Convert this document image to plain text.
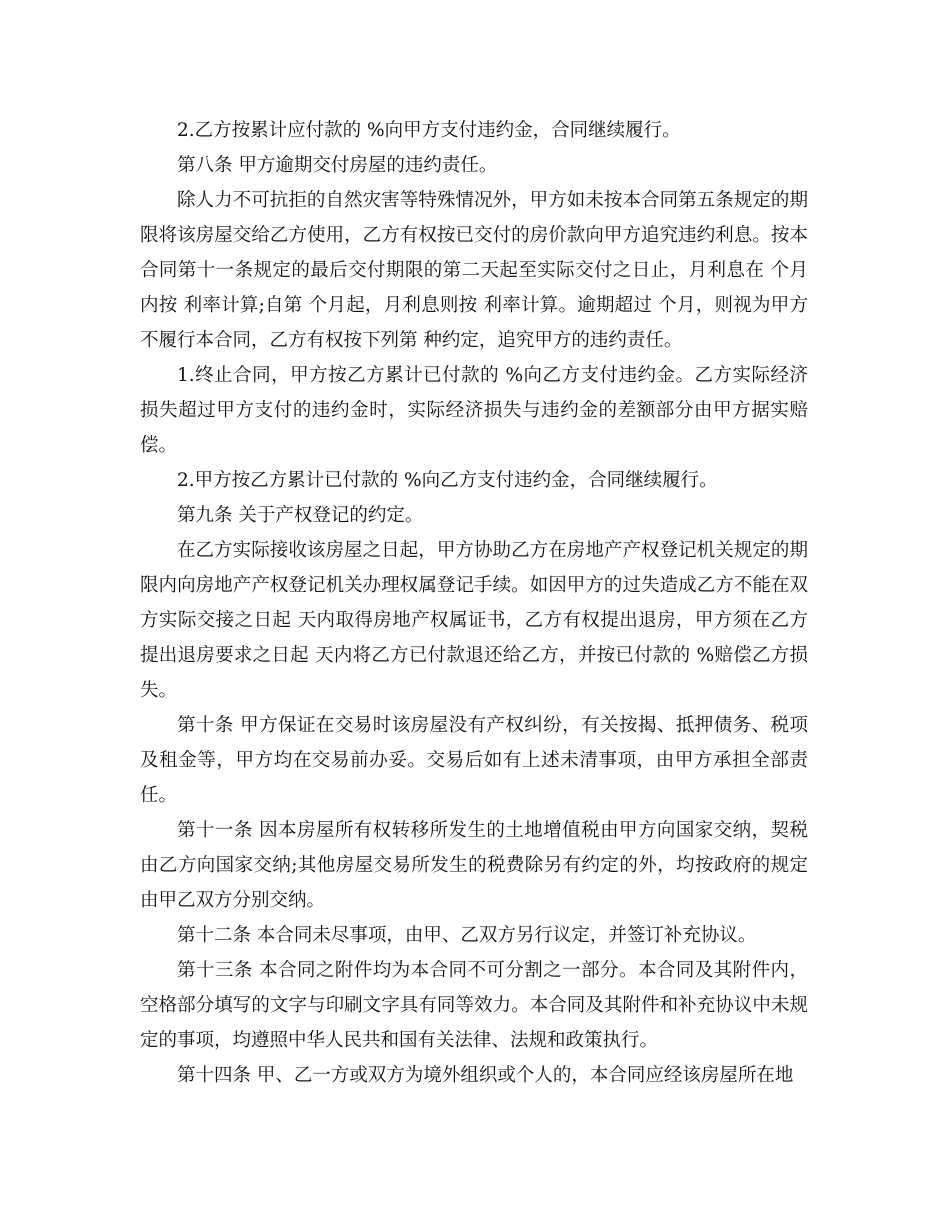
2.乙方按累计应付款的 %向甲方支付违约金，合同继续履行。

第八条 甲方逾期交付房屋的违约责任。

除人力不可抗拒的自然灾害等特殊情况外，甲方如未按本合同第五条规定的期限将该房屋交给乙方使用，乙方有权按已交付的房价款向甲方追究违约利息。按本合同第十一条规定的最后交付期限的第二天起至实际交付之日止，月利息在 个月内按 利率计算;自第 个月起，月利息则按 利率计算。逾期超过 个月，则视为甲方不履行本合同，乙方有权按下列第 种约定，追究甲方的违约责任。

1.终止合同，甲方按乙方累计已付款的 %向乙方支付违约金。乙方实际经济损失超过甲方支付的违约金时，实际经济损失与违约金的差额部分由甲方据实赔偿。

2.甲方按乙方累计已付款的 %向乙方支付违约金，合同继续履行。

第九条 关于产权登记的约定。

在乙方实际接收该房屋之日起，甲方协助乙方在房地产产权登记机关规定的期限内向房地产产权登记机关办理权属登记手续。如因甲方的过失造成乙方不能在双方实际交接之日起 天内取得房地产权属证书，乙方有权提出退房，甲方须在乙方提出退房要求之日起 天内将乙方已付款退还给乙方，并按已付款的 %赔偿乙方损失。

第十条 甲方保证在交易时该房屋没有产权纠纷，有关按揭、抵押债务、税项及租金等，甲方均在交易前办妥。交易后如有上述未清事项，由甲方承担全部责任。

第十一条 因本房屋所有权转移所发生的土地增值税由甲方向国家交纳，契税由乙方向国家交纳;其他房屋交易所发生的税费除另有约定的外，均按政府的规定由甲乙双方分别交纳。

第十二条 本合同未尽事项，由甲、乙双方另行议定，并签订补充协议。

第十三条 本合同之附件均为本合同不可分割之一部分。本合同及其附件内，空格部分填写的文字与印刷文字具有同等效力。本合同及其附件和补充协议中未规定的事项，均遵照中华人民共和国有关法律、法规和政策执行。

第十四条 甲、乙一方或双方为境外组织或个人的，本合同应经该房屋所在地
